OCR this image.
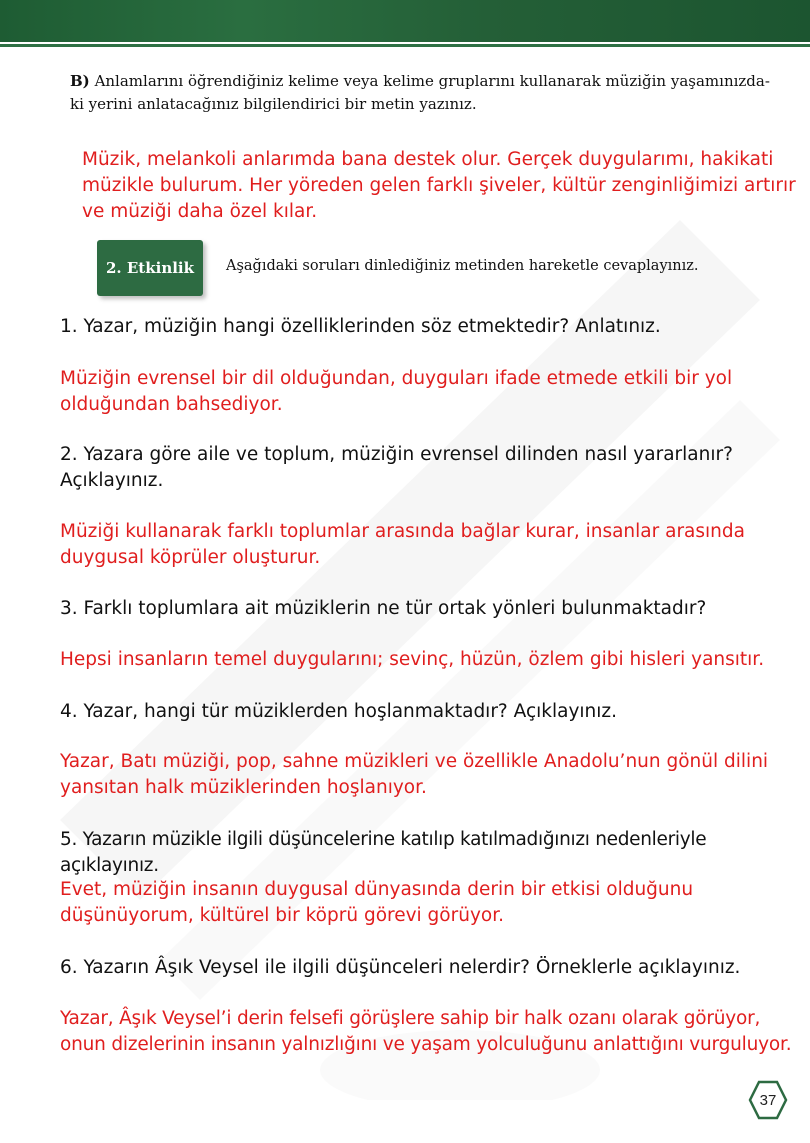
B) Anlamlarını öğrendiğiniz kelime veya kelime gruplarını kullanarak müziğin yaşamınızda-
ki yerini anlatacağınız bilgilendirici bir metin yazınız.
Müzik, melankoli anlarımda bana destek olur. Gerçek duygularımı, hakikati
müzikle bulurum. Her yöreden gelen farklı şiveler, kültür zenginliğimizi artırır
ve müziği daha özel kılar.
2. Etkinlik	Aşağıdaki soruları dinlediğiniz metinden hareketle cevaplayınız.
1. Yazar, müziğin hangi özelliklerinden söz etmektedir? Anlatınız.
Müziğin evrensel bir dil olduğundan, duyguları ifade etmede etkili bir yol
olduğundan bahsediyor.
2. Yazara göre aile ve toplum, müziğin evrensel dilinden nasıl yararlanır?
Açıklayınız.
Müziği kullanarak farklı toplumlar arasında bağlar kurar, insanlar arasında
duygusal köprüler oluşturur.
3. Farklı toplumlara ait müziklerin ne tür ortak yönleri bulunmaktadır?
Hepsi insanların temel duygularını; sevinç, hüzün, özlem gibi hisleri yansıtır.
4. Yazar, hangi tür müziklerden hoşlanmaktadır? Açıklayınız.
Yazar, Batı müziği, pop, sahne müzikleri ve özellikle Anadolu’nun gönül dilini
yansıtan halk müziklerinden hoşlanıyor.
5. Yazarın müzikle ilgili düşüncelerine katılıp katılmadığınızı nedenleriyle açıklayınız.
Evet, müziğin insanın duygusal dünyasında derin bir etkisi olduğunu
düşünüyorum, kültürel bir köprü görevi görüyor.
6. Yazarın Âşık Veysel ile ilgili düşünceleri nelerdir? Örneklerle açıklayınız.
Yazar, Âşık Veysel’i derin felsefi görüşlere sahip bir halk ozanı olarak görüyor,
onun dizelerinin insanın yalnızlığını ve yaşam yolculuğunu anlattığını vurguluyor.
37
